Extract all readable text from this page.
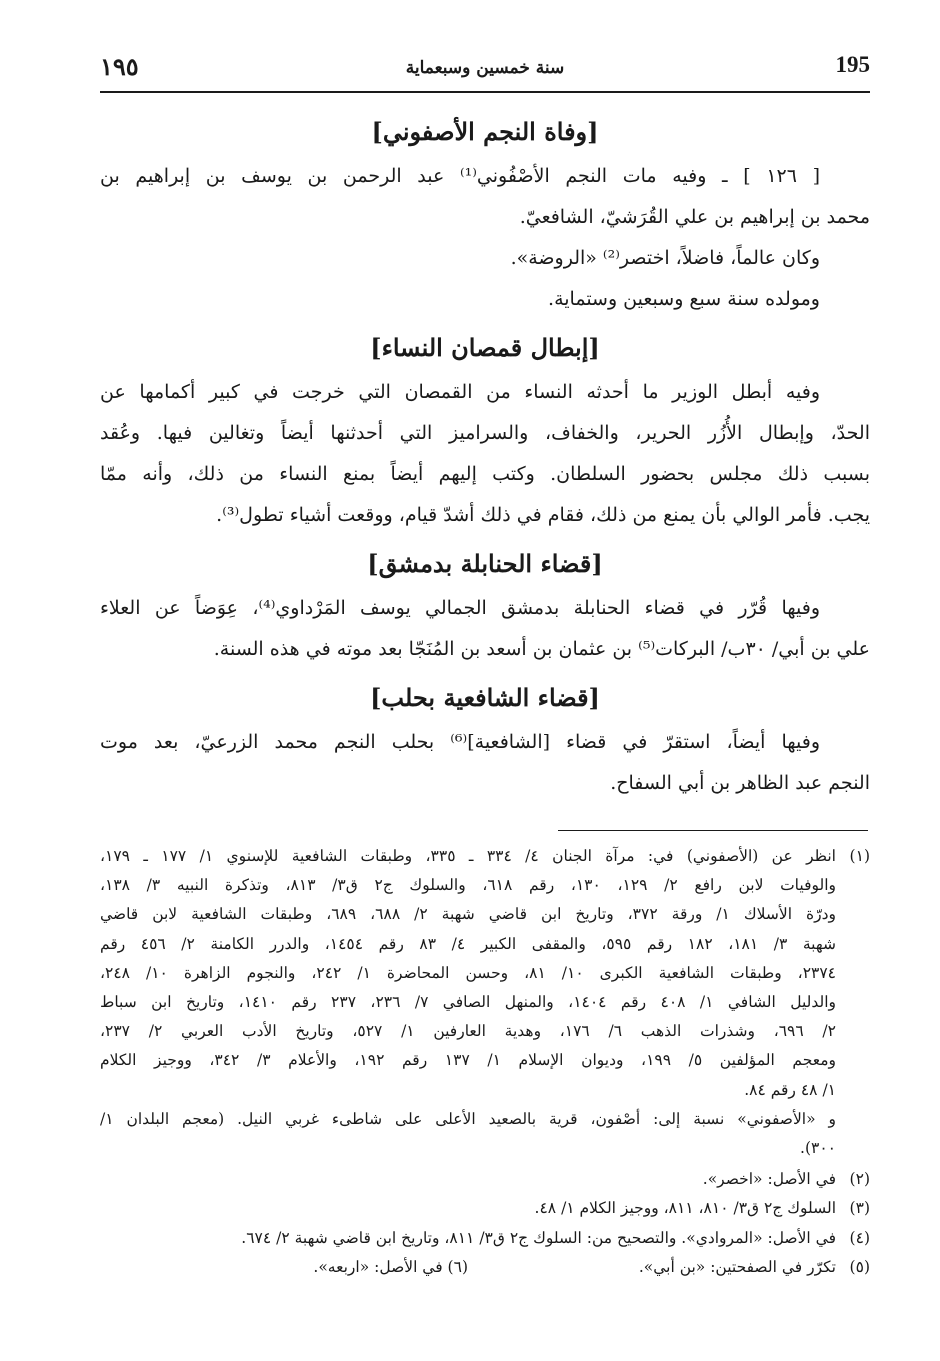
١٩٥	سنة خمسين وسبعماية	195
[وفاة النجم الأصفوني]

[ ١٢٦ ] ـ وفيه مات النجم الأصْفُوني⁽¹⁾ عبد الرحمن بن يوسف بن إبراهيم بن

محمد بن إبراهيم بن علي القُرَشيّ، الشافعيّ.

وكان عالماً، فاضلاً، اختصر⁽²⁾ «الروضة».

ومولده سنة سبع وسبعين وستماية.

[إبطال قمصان النساء]

وفيه أبطل الوزير ما أحدثه النساء من القمصان التي خرجت في كبير أكمامها عن

الحدّ، وإبطال الأُزُر الحرير، والخفاف، والسراميز التي أحدثنها أيضاً وتغالين فيها. وعُقد

بسبب ذلك مجلس بحضور السلطان. وكتب إليهم أيضاً بمنع النساء من ذلك، وأنه ممّا

يجب. فأمر الوالي بأن يمنع من ذلك، فقام في ذلك أشدّ قيام، ووقعت أشياء تطول⁽³⁾.

[قضاء الحنابلة بدمشق]

وفيها قُرّر في قضاء الحنابلة بدمشق الجمالي يوسف المَرْداوي⁽⁴⁾، عِوَضاً عن العلاء

علي بن أبي/ ٣٠ب/ البركات⁽⁵⁾ بن عثمان بن أسعد بن المُنَجّا بعد موته في هذه السنة.

[قضاء الشافعية بحلب]

وفيها أيضاً، استقرّ في قضاء [الشافعية]⁽⁶⁾ بحلب النجم محمد الزرعيّ، بعد موت

النجم عبد الظاهر بن أبي السفاح.

(١)
انظر عن (الأصفوني) في: مرآة الجنان ٤/ ٣٣٤ ـ ٣٣٥، وطبقات الشافعية للإسنوي ١/ ١٧٧ ـ ١٧٩،
والوفيات لابن رافع ٢/ ١٢٩، ١٣٠، رقم ٦١٨، والسلوك ج٢ ق٣/ ٨١٣، وتذكرة النبيه ٣/ ١٣٨،
ودرّة الأسلاك ١/ ورقة ٣٧٢، وتاريخ ابن قاضي شهبة ٢/ ٦٨٨، ٦٨٩، وطبقات الشافعية لابن قاضي
شهبة ٣/ ١٨١، ١٨٢ رقم ٥٩٥، والمقفى الكبير ٤/ ٨٣ رقم ١٤٥٤، والدرر الكامنة ٢/ ٤٥٦ رقم
٢٣٧٤، وطبقات الشافعية الكبرى ١٠/ ٨١، وحسن المحاضرة ١/ ٢٤٢، والنجوم الزاهرة ١٠/ ٢٤٨،
والدليل الشافي ١/ ٤٠٨ رقم ١٤٠٤، والمنهل الصافي ٧/ ٢٣٦، ٢٣٧ رقم ١٤١٠، وتاريخ ابن سباط
٢/ ٦٩٦، وشذرات الذهب ٦/ ١٧٦، وهدية العارفين ١/ ٥٢٧، وتاريخ الأدب العربي ٢/ ٢٣٧،
ومعجم المؤلفين ٥/ ١٩٩، وديوان الإسلام ١/ ١٣٧ رقم ١٩٢، والأعلام ٣/ ٣٤٢، ووجيز الكلام
١/ ٤٨ رقم ٨٤.
و «الأصفوني» نسبة إلى: أصْفون، قرية بالصعيد الأعلى على شاطىء غربي النيل. (معجم البلدان ١/
٣٠٠).
(٢)
في الأصل: «اخصر».
(٣)
السلوك ج٢ ق٣/ ٨١٠، ٨١١، ووجيز الكلام ١/ ٤٨.
(٤)
في الأصل: «المروادي». والتصحيح من: السلوك ج٢ ق٣/ ٨١١، وتاريخ ابن قاضي شهبة ٢/ ٦٧٤.
(٥)
تكرّر في الصفحتين: «بن أبي».
(٦) في الأصل: «اربعه».
